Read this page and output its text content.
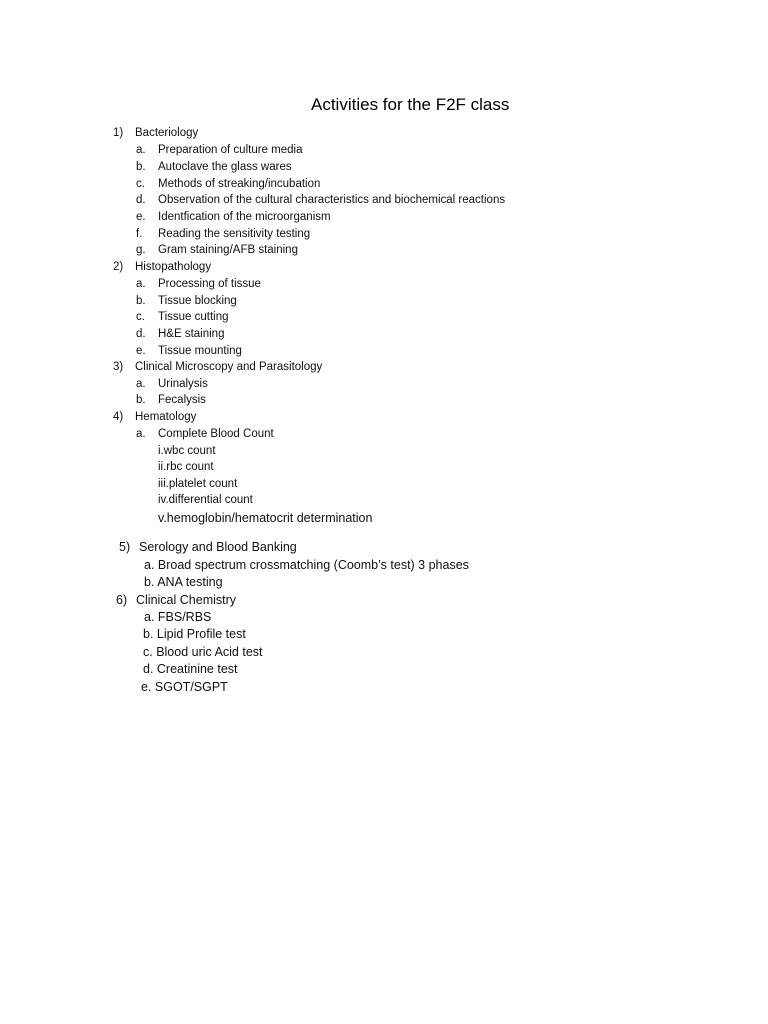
Activities for the F2F class
1) Bacteriology
a. Preparation of culture media
b. Autoclave the glass wares
c. Methods of streaking/incubation
d. Observation of the cultural characteristics and biochemical reactions
e. Identfication of the microorganism
f. Reading the sensitivity testing
g. Gram staining/AFB staining
2) Histopathology
a. Processing of tissue
b. Tissue blocking
c. Tissue cutting
d. H&E staining
e. Tissue mounting
3) Clinical Microscopy and Parasitology
a. Urinalysis
b. Fecalysis
4) Hematology
a. Complete Blood Count
i.wbc count
ii.rbc count
iii.platelet count
iv.differential count
v.hemoglobin/hematocrit determination
5) Serology and Blood Banking
a. Broad spectrum crossmatching (Coomb’s test) 3 phases
b. ANA testing
6) Clinical Chemistry
a. FBS/RBS
b. Lipid Profile test
c. Blood uric Acid test
d. Creatinine test
e. SGOT/SGPT
